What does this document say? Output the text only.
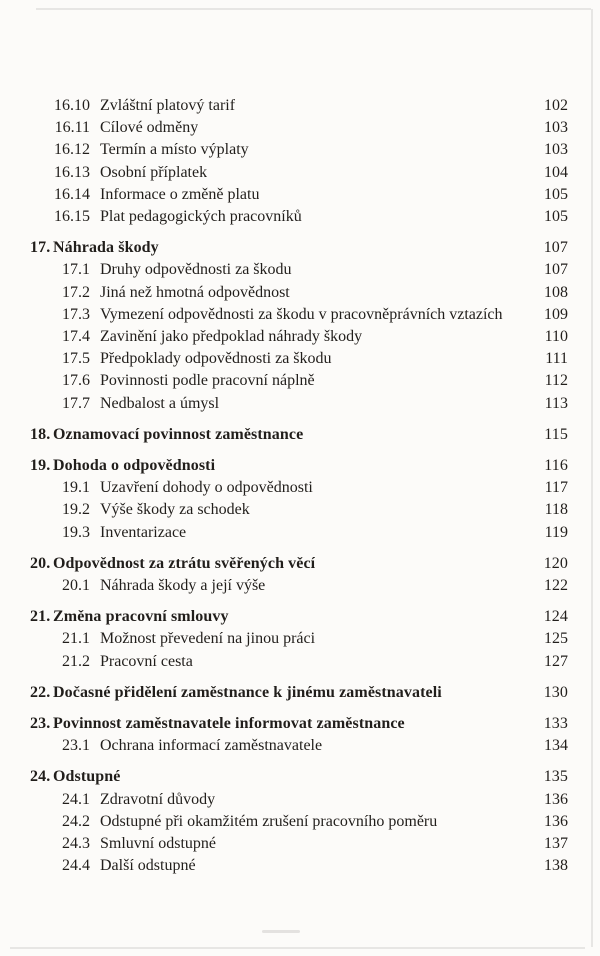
16.10 Zvláštní platový tarif	102
16.11 Cílové odměny	103
16.12 Termín a místo výplaty	103
16.13 Osobní příplatek	104
16.14 Informace o změně platu	105
16.15 Plat pedagogických pracovníků	105
17. Náhrada škody	107
17.1 Druhy odpovědnosti za škodu	107
17.2 Jiná než hmotná odpovědnost	108
17.3 Vymezení odpovědnosti za škodu v pracovněprávních vztazích	109
17.4 Zavinění jako předpoklad náhrady škody	110
17.5 Předpoklady odpovědnosti za škodu	111
17.6 Povinnosti podle pracovní náplně	112
17.7 Nedbalost a úmysl	113
18. Oznamovací povinnost zaměstnance	115
19. Dohoda o odpovědnosti	116
19.1 Uzavření dohody o odpovědnosti	117
19.2 Výše škody za schodek	118
19.3 Inventarizace	119
20. Odpovědnost za ztrátu svěřených věcí	120
20.1 Náhrada škody a její výše	122
21. Změna pracovní smlouvy	124
21.1 Možnost převedení na jinou práci	125
21.2 Pracovní cesta	127
22. Dočasné přidělení zaměstnance k jinému zaměstnavateli	130
23. Povinnost zaměstnavatele informovat zaměstnance	133
23.1 Ochrana informací zaměstnavatele	134
24. Odstupné	135
24.1 Zdravotní důvody	136
24.2 Odstupné při okamžitém zrušení pracovního poměru	136
24.3 Smluvní odstupné	137
24.4 Další odstupné	138
